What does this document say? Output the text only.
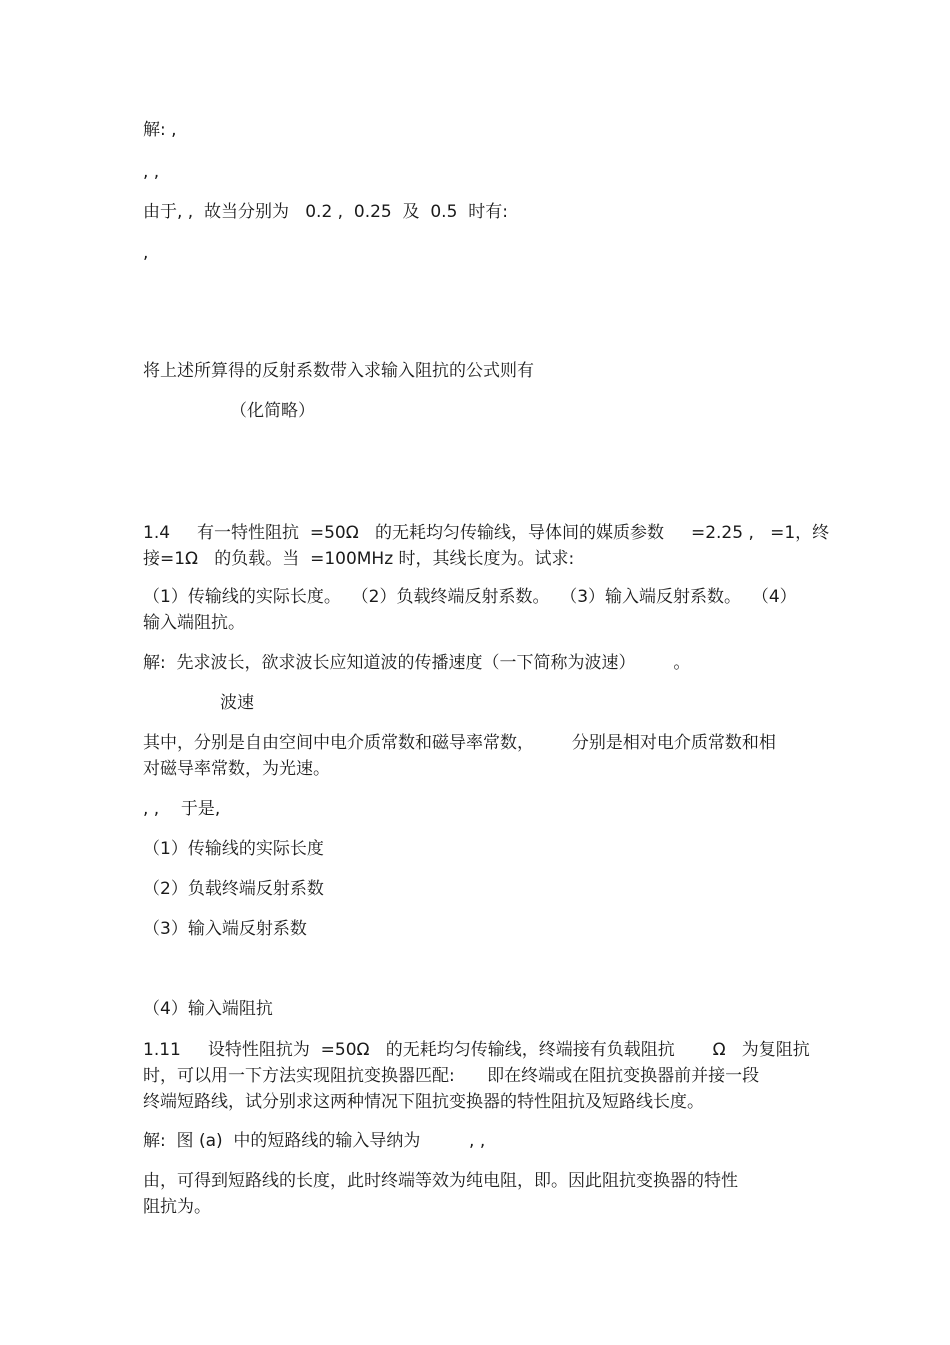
解: ,
, ,
由于, ,  故当分别为   0.2 ,  0.25  及  0.5  时有:
,
将上述所算得的反射系数带入求输入阻抗的公式则有
（化简略）
1.4     有一特性阻抗  =50Ω   的无耗均匀传输线，导体间的媒质参数     =2.25 ,   =1，终
接=1Ω   的负载。当  =100MHz 时，其线长度为。试求:
（1）传输线的实际长度。  （2）负载终端反射系数。  （3）输入端反射系数。  （4）
输入端阻抗。
解:  先求波长，欲求波长应知道波的传播速度（一下简称为波速）       。
波速
其中，分别是自由空间中电介质常数和磁导率常数，       分别是相对电介质常数和相
对磁导率常数，为光速。
, ,    于是,
（1）传输线的实际长度
（2）负载终端反射系数
（3）输入端反射系数
（4）输入端阻抗
1.11     设特性阻抗为  =50Ω   的无耗均匀传输线，终端接有负载阻抗       Ω   为复阻抗
时，可以用一下方法实现阻抗变换器匹配:      即在终端或在阻抗变换器前并接一段
终端短路线，试分别求这两种情况下阻抗变换器的特性阻抗及短路线长度。
解:  图 (a)  中的短路线的输入导纳为         , ,
由，可得到短路线的长度，此时终端等效为纯电阻，即。因此阻抗变换器的特性
阻抗为。
